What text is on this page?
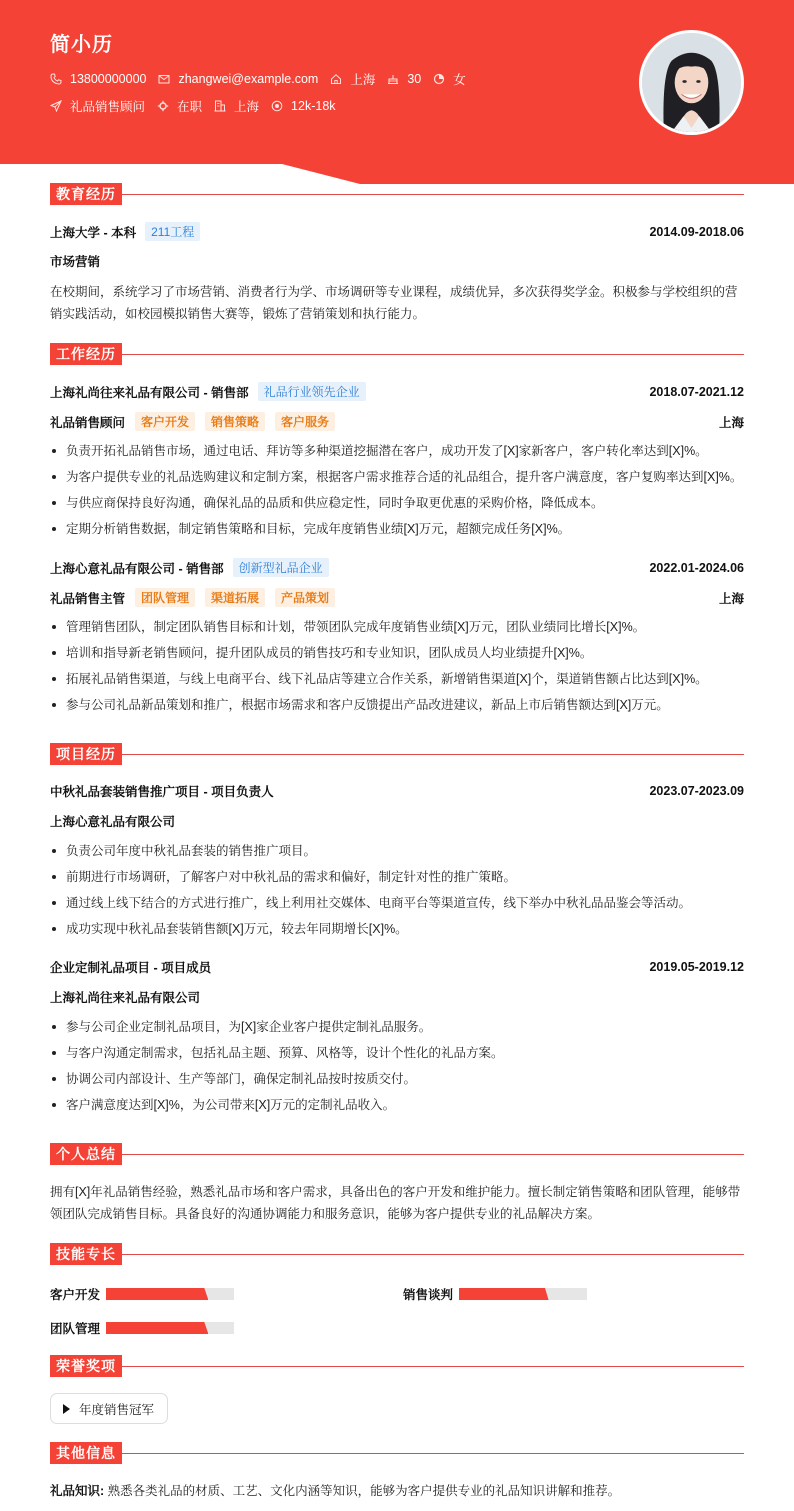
简小历
13800000000	zhangwei@example.com	上海	30	女
礼品销售顾问	在职	上海	12k-18k
教育经历
上海大学 - 本科	211工程	2014.09-2018.06
市场营销
在校期间，系统学习了市场营销、消费者行为学、市场调研等专业课程，成绩优异，多次获得奖学金。积极参与学校组织的营销实践活动，如校园模拟销售大赛等，锻炼了营销策划和执行能力。
工作经历
上海礼尚往来礼品有限公司 - 销售部	礼品行业领先企业	2018.07-2021.12
礼品销售顾问	客户开发	销售策略	客户服务	上海
负责开拓礼品销售市场，通过电话、拜访等多种渠道挖掘潜在客户，成功开发了[X]家新客户，客户转化率达到[X]%。
为客户提供专业的礼品选购建议和定制方案，根据客户需求推荐合适的礼品组合，提升客户满意度，客户复购率达到[X]%。
与供应商保持良好沟通，确保礼品的品质和供应稳定性，同时争取更优惠的采购价格，降低成本。
定期分析销售数据，制定销售策略和目标，完成年度销售业绩[X]万元，超额完成任务[X]%。
上海心意礼品有限公司 - 销售部	创新型礼品企业	2022.01-2024.06
礼品销售主管	团队管理	渠道拓展	产品策划	上海
管理销售团队，制定团队销售目标和计划，带领团队完成年度销售业绩[X]万元，团队业绩同比增长[X]%。
培训和指导新老销售顾问，提升团队成员的销售技巧和专业知识，团队成员人均业绩提升[X]%。
拓展礼品销售渠道，与线上电商平台、线下礼品店等建立合作关系，新增销售渠道[X]个，渠道销售额占比达到[X]%。
参与公司礼品新品策划和推广，根据市场需求和客户反馈提出产品改进建议，新品上市后销售额达到[X]万元。
项目经历
中秋礼品套装销售推广项目 - 项目负责人	2023.07-2023.09
上海心意礼品有限公司
负责公司年度中秋礼品套装的销售推广项目。
前期进行市场调研，了解客户对中秋礼品的需求和偏好，制定针对性的推广策略。
通过线上线下结合的方式进行推广，线上利用社交媒体、电商平台等渠道宣传，线下举办中秋礼品品鉴会等活动。
成功实现中秋礼品套装销售额[X]万元，较去年同期增长[X]%。
企业定制礼品项目 - 项目成员	2019.05-2019.12
上海礼尚往来礼品有限公司
参与公司企业定制礼品项目，为[X]家企业客户提供定制礼品服务。
与客户沟通定制需求，包括礼品主题、预算、风格等，设计个性化的礼品方案。
协调公司内部设计、生产等部门，确保定制礼品按时按质交付。
客户满意度达到[X]%，为公司带来[X]万元的定制礼品收入。
个人总结
拥有[X]年礼品销售经验，熟悉礼品市场和客户需求，具备出色的客户开发和维护能力。擅长制定销售策略和团队管理，能够带领团队完成销售目标。具备良好的沟通协调能力和服务意识，能够为客户提供专业的礼品解决方案。
技能专长
客户开发	销售谈判
团队管理
荣誉奖项
年度销售冠军
其他信息
礼品知识: 熟悉各类礼品的材质、工艺、文化内涵等知识，能够为客户提供专业的礼品知识讲解和推荐。
